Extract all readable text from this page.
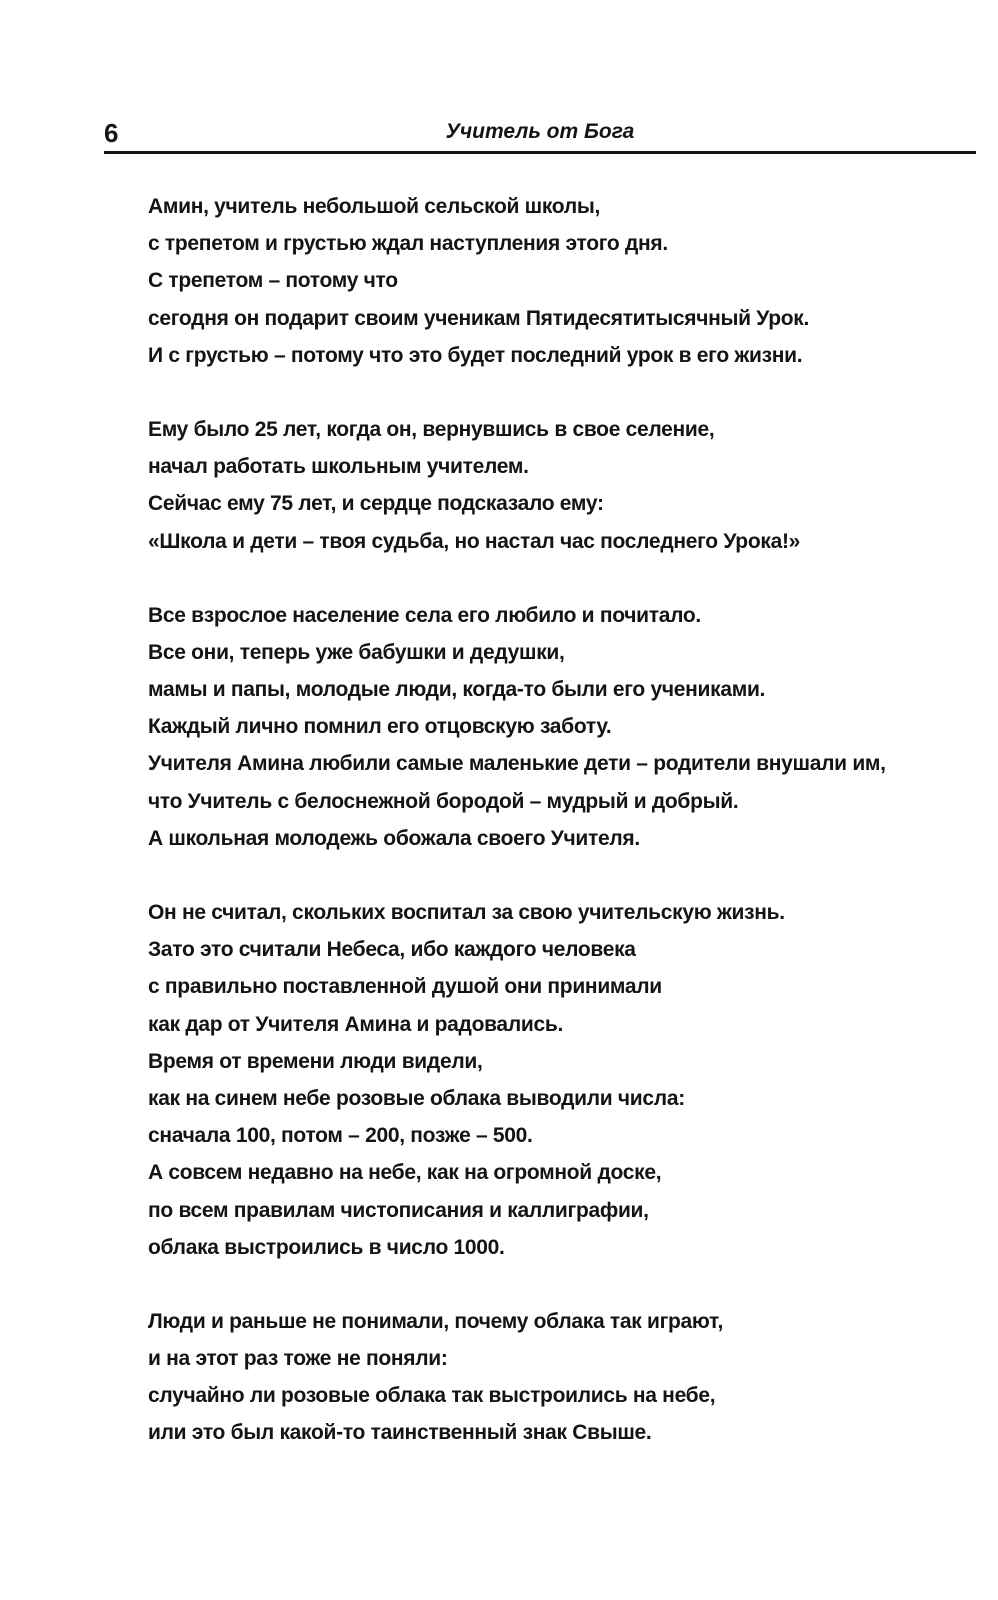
6	Учитель от Бога
Амин, учитель небольшой сельской школы,
с трепетом и грустью ждал наступления этого дня.
С трепетом – потому что
сегодня он подарит своим ученикам Пятидесятитысячный Урок.
И с грустью – потому что это будет последний урок в его жизни.
Ему было 25 лет, когда он, вернувшись в свое селение,
начал работать школьным учителем.
Сейчас ему 75 лет, и сердце подсказало ему:
«Школа и дети – твоя судьба, но настал час последнего Урока!»
Все взрослое население села его любило и почитало.
Все они, теперь уже бабушки и дедушки,
мамы и папы, молодые люди, когда-то были его учениками.
Каждый лично помнил его отцовскую заботу.
Учителя Амина любили самые маленькие дети – родители внушали им,
что Учитель с белоснежной бородой – мудрый и добрый.
А школьная молодежь обожала своего Учителя.
Он не считал, скольких воспитал за свою учительскую жизнь.
Зато это считали Небеса, ибо каждого человека
с правильно поставленной душой они принимали
как дар от Учителя Амина и радовались.
Время от времени люди видели,
как на синем небе розовые облака выводили числа:
сначала 100, потом – 200, позже – 500.
А совсем недавно на небе, как на огромной доске,
по всем правилам чистописания и каллиграфии,
облака выстроились в число 1000.
Люди и раньше не понимали, почему облака так играют,
и на этот раз тоже не поняли:
случайно ли розовые облака так выстроились на небе,
или это был какой-то таинственный знак Свыше.
